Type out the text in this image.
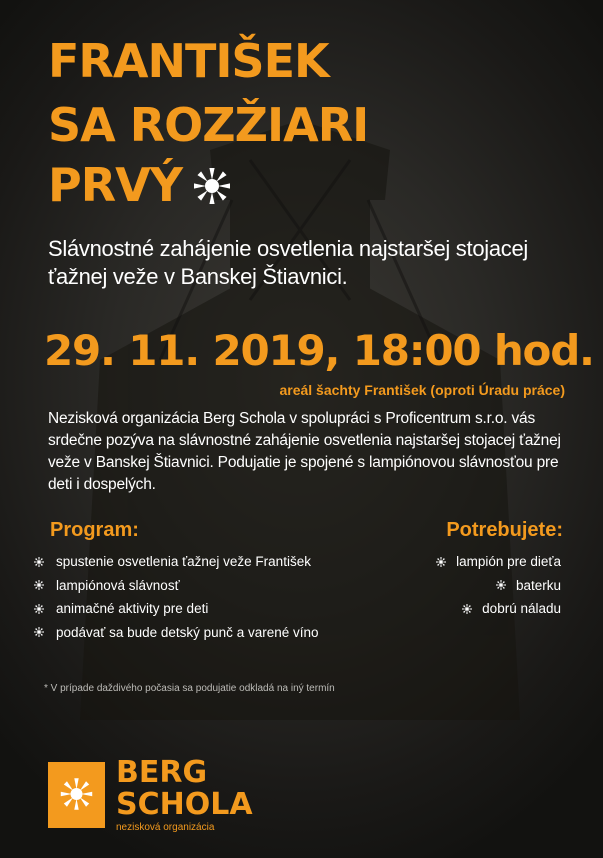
FRANTIŠEK
SA ROZŽIARI
PRVÝ

Slávnostné zahájenie osvetlenia najstaršej stojacej ťažnej veže v Banskej Štiavnici.

29. 11. 2019, 18:00 hod.

areál šachty František (oproti Úradu práce)

Nezisková organizácia Berg Schola v spolupráci s Proficentrum s.r.o. vás srdečne pozýva na slávnostné zahájenie osvetlenia najstaršej stojacej ťažnej veže v Banskej Štiavnici. Podujatie je spojené s lampiónovou slávnosťou pre deti i dospelých.

Program:	Potrebujete:
spustenie osvetlenia ťažnej veže František
lampiónová slávnosť
animačné aktivity pre deti
podávať sa bude detský punč a varené víno
lampión pre dieťa
baterku
dobrú náladu

* V prípade daždivého počasia sa podujatie odkladá na iný termín

BERG

SCHOLA

nezisková organizácia
